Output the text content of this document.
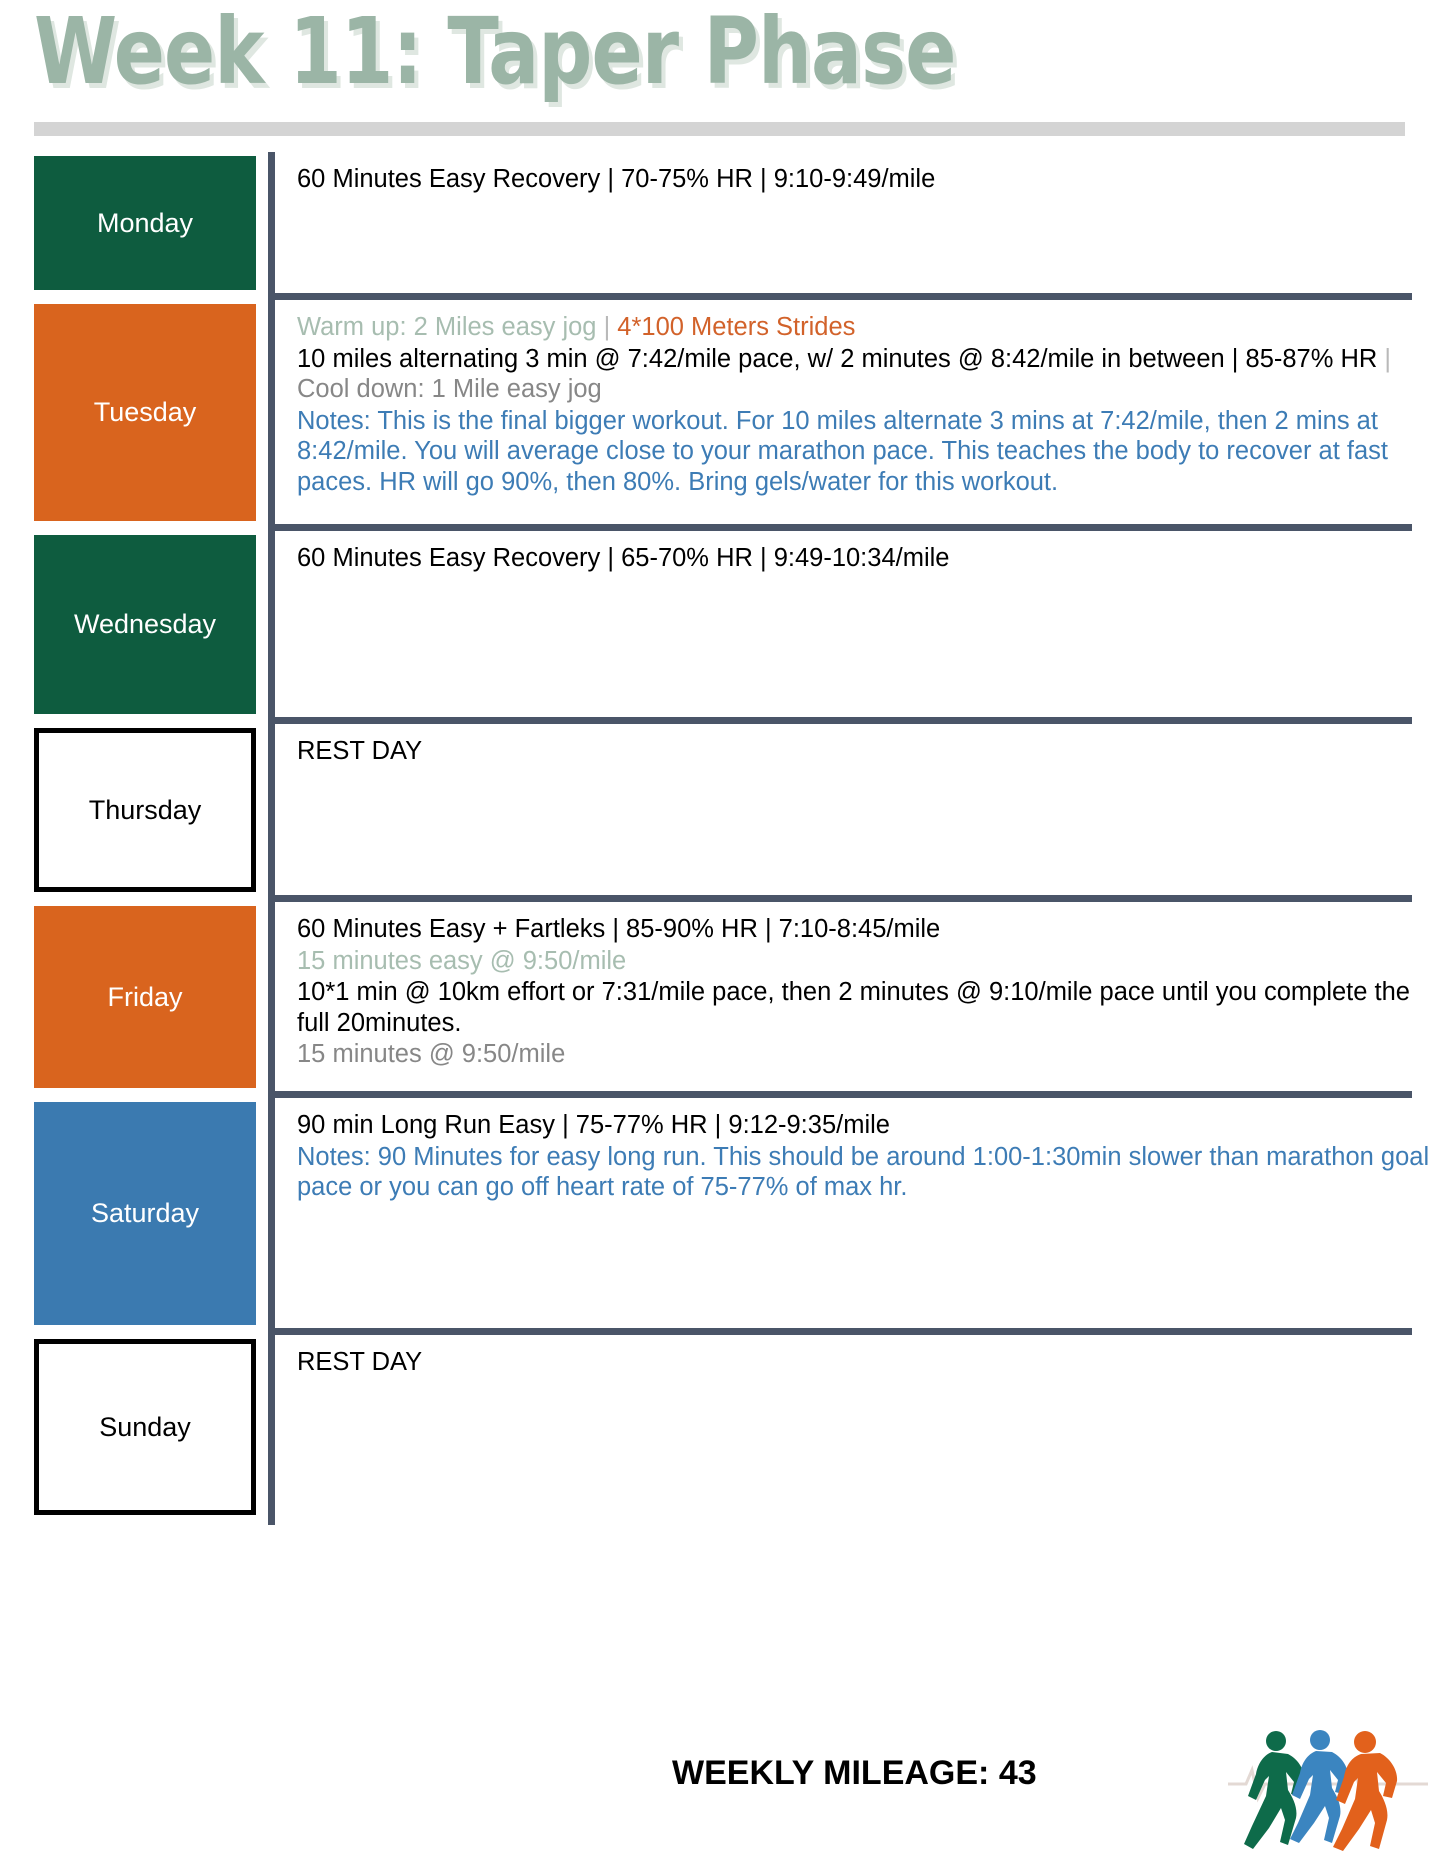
Week 11: Taper Phase
Monday
60 Minutes Easy Recovery | 70-75% HR | 9:10-9:49/mile
Tuesday
Warm up: 2 Miles easy jog | 4*100 Meters Strides
10 miles alternating 3 min @ 7:42/mile pace, w/ 2 minutes @ 8:42/mile in between | 85-87% HR | Cool down: 1 Mile easy jog
Notes: This is the final bigger workout. For 10 miles alternate 3 mins at 7:42/mile, then 2 mins at 8:42/mile. You will average close to your marathon pace. This teaches the body to recover at fast paces. HR will go 90%, then 80%. Bring gels/water for this workout.
Wednesday
60 Minutes Easy Recovery | 65-70% HR | 9:49-10:34/mile
Thursday
REST DAY
Friday
60 Minutes Easy + Fartleks | 85-90% HR | 7:10-8:45/mile
15 minutes easy @ 9:50/mile
10*1 min @ 10km effort or 7:31/mile pace, then 2 minutes @ 9:10/mile pace until you complete the full 20minutes.
15 minutes @ 9:50/mile
Saturday
90 min Long Run Easy | 75-77% HR | 9:12-9:35/mile
Notes: 90 Minutes for easy long run. This should be around 1:00-1:30min slower than marathon goal pace or you can go off heart rate of 75-77% of max hr.
Sunday
REST DAY
WEEKLY MILEAGE: 43
